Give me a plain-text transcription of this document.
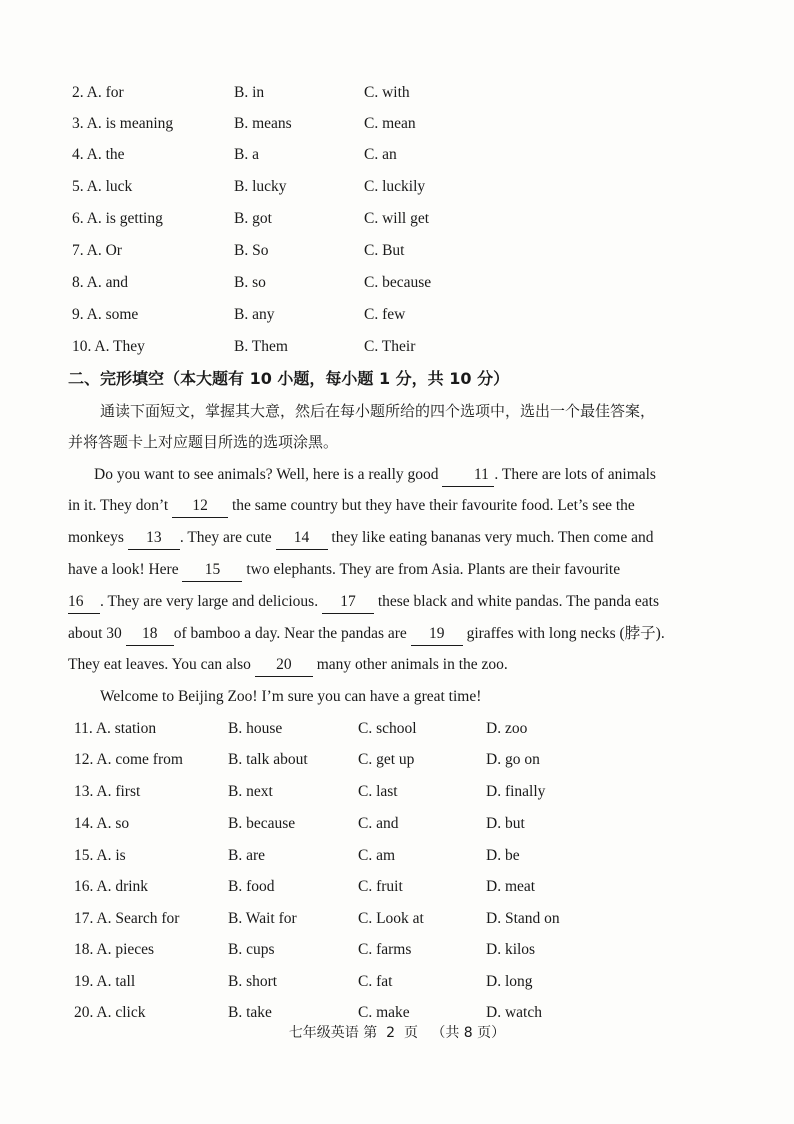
2. A. for	B. in	C. with
3. A. is meaning	B. means	C. mean
4. A. the	B. a	C. an
5. A. luck	B. lucky	C. luckily
6. A. is getting	B. got	C. will get
7. A. Or	B. So	C. But
8. A. and	B. so	C. because
9. A. some	B. any	C. few
10. A. They	B. Them	C. Their
二、完形填空（本大题有 10 小题，每小题 1 分，共 10 分）
通读下面短文，掌握其大意，然后在每小题所给的四个选项中，选出一个最佳答案，
并将答题卡上对应题目所选的选项涂黑。
Do you want to see animals? Well, here is a really good 11 . There are lots of animals
in it. They don’t 12 the same country but they have their favourite food. Let’s see the
monkeys 13 . They are cute 14 they like eating bananas very much. Then come and
have a look! Here 15 two elephants. They are from Asia. Plants are their favourite
16 . They are very large and delicious. 17 these black and white pandas. The panda eats
about 30 18 of bamboo a day. Near the pandas are 19 giraffes with long necks (脖子).
They eat leaves. You can also 20 many other animals in the zoo.
Welcome to Beijing Zoo! I’m sure you can have a great time!
11. A. station	B. house	C. school	D. zoo
12. A. come from	B. talk about	C. get up	D. go on
13. A. first	B. next	C. last	D. finally
14. A. so	B. because	C. and	D. but
15. A. is	B. are	C. am	D. be
16. A. drink	B. food	C. fruit	D. meat
17. A. Search for	B. Wait for	C. Look at	D. Stand on
18. A. pieces	B. cups	C. farms	D. kilos
19. A. tall	B. short	C. fat	D. long
20. A. click	B. take	C. make	D. watch
七年级英语 第 2 页 （共 8 页）
